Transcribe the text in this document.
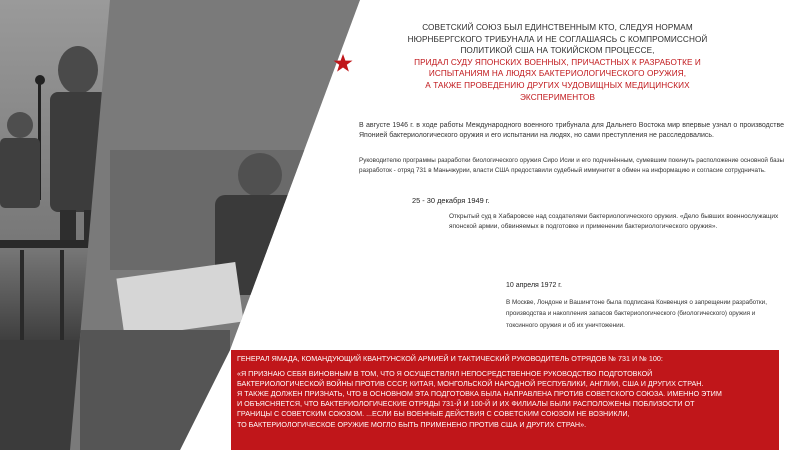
СОВЕТСКИЙ СОЮЗ БЫЛ ЕДИНСТВЕННЫМ КТО, СЛЕДУЯ НОРМАМ
НЮРНБЕРГСКОГО ТРИБУНАЛА И НЕ СОГЛАШАЯСЬ С КОМПРОМИССНОЙ
ПОЛИТИКОЙ США НА ТОКИЙСКОМ ПРОЦЕССЕ,
ПРИДАЛ СУДУ ЯПОНСКИХ ВОЕННЫХ, ПРИЧАСТНЫХ К РАЗРАБОТКЕ И
ИСПЫТАНИЯМ НА ЛЮДЯХ БАКТЕРИОЛОГИЧЕСКОГО ОРУЖИЯ,
А ТАКЖЕ ПРОВЕДЕНИЮ ДРУГИХ ЧУДОВИЩНЫХ МЕДИЦИНСКИХ
ЭКСПЕРИМЕНТОВ
В августе 1946 г. в ходе работы Международного военного трибунала для Дальнего Востока мир впервые узнал о производстве Японией бактериологического оружия и его испытании на людях, но сами преступления не расследовались.
Руководителю программы разработки биологического оружия Сиро Исии и его подчинённым, сумевшим покинуть расположение основной базы разработок - отряд 731 в Маньчжурии, власти США предоставили судебный иммунитет в обмен на информацию и согласие сотрудничать.
25 - 30 декабря 1949 г.
Открытый суд в Хабаровске над создателями бактериологического оружия. «Дело бывших военнослужащих японской армии, обвиняемых в подготовке и применении бактериологического оружия».
10 апреля 1972 г.
В Москве, Лондоне и Вашингтоне была подписана Конвенция о запрещении разработки, производства и накопления запасов бактериологического (биологического) оружия и токсинного оружия и об их уничтожении.
ГЕНЕРАЛ ЯМАДА, КОМАНДУЮЩИЙ КВАНТУНСКОЙ АРМИЕЙ И ТАКТИЧЕСКИЙ РУКОВОДИТЕЛЬ ОТРЯДОВ № 731 И № 100:
«Я ПРИЗНАЮ СЕБЯ ВИНОВНЫМ В ТОМ, ЧТО Я ОСУЩЕСТВЛЯЛ НЕПОСРЕДСТВЕННОЕ РУКОВОДСТВО ПОДГОТОВКОЙ
БАКТЕРИОЛОГИЧЕСКОЙ ВОЙНЫ ПРОТИВ СССР, КИТАЯ, МОНГОЛЬСКОЙ НАРОДНОЙ РЕСПУБЛИКИ, АНГЛИИ, США И ДРУГИХ СТРАН.
Я ТАКЖЕ ДОЛЖЕН ПРИЗНАТЬ, ЧТО В ОСНОВНОМ ЭТА ПОДГОТОВКА БЫЛА НАПРАВЛЕНА ПРОТИВ СОВЕТСКОГО СОЮЗА. ИМЕННО ЭТИМ
И ОБЪЯСНЯЕТСЯ, ЧТО БАКТЕРИОЛОГИЧЕСКИЕ ОТРЯДЫ 731-Й И 100-Й И ИХ ФИЛИАЛЫ БЫЛИ РАСПОЛОЖЕНЫ ПОБЛИЗОСТИ ОТ
ГРАНИЦЫ С СОВЕТСКИМ СОЮЗОМ. ...ЕСЛИ БЫ ВОЕННЫЕ ДЕЙСТВИЯ С СОВЕТСКИМ СОЮЗОМ НЕ ВОЗНИКЛИ,
ТО БАКТЕРИОЛОГИЧЕСКОЕ ОРУЖИЕ МОГЛО БЫТЬ ПРИМЕНЕНО ПРОТИВ США И ДРУГИХ СТРАН».
